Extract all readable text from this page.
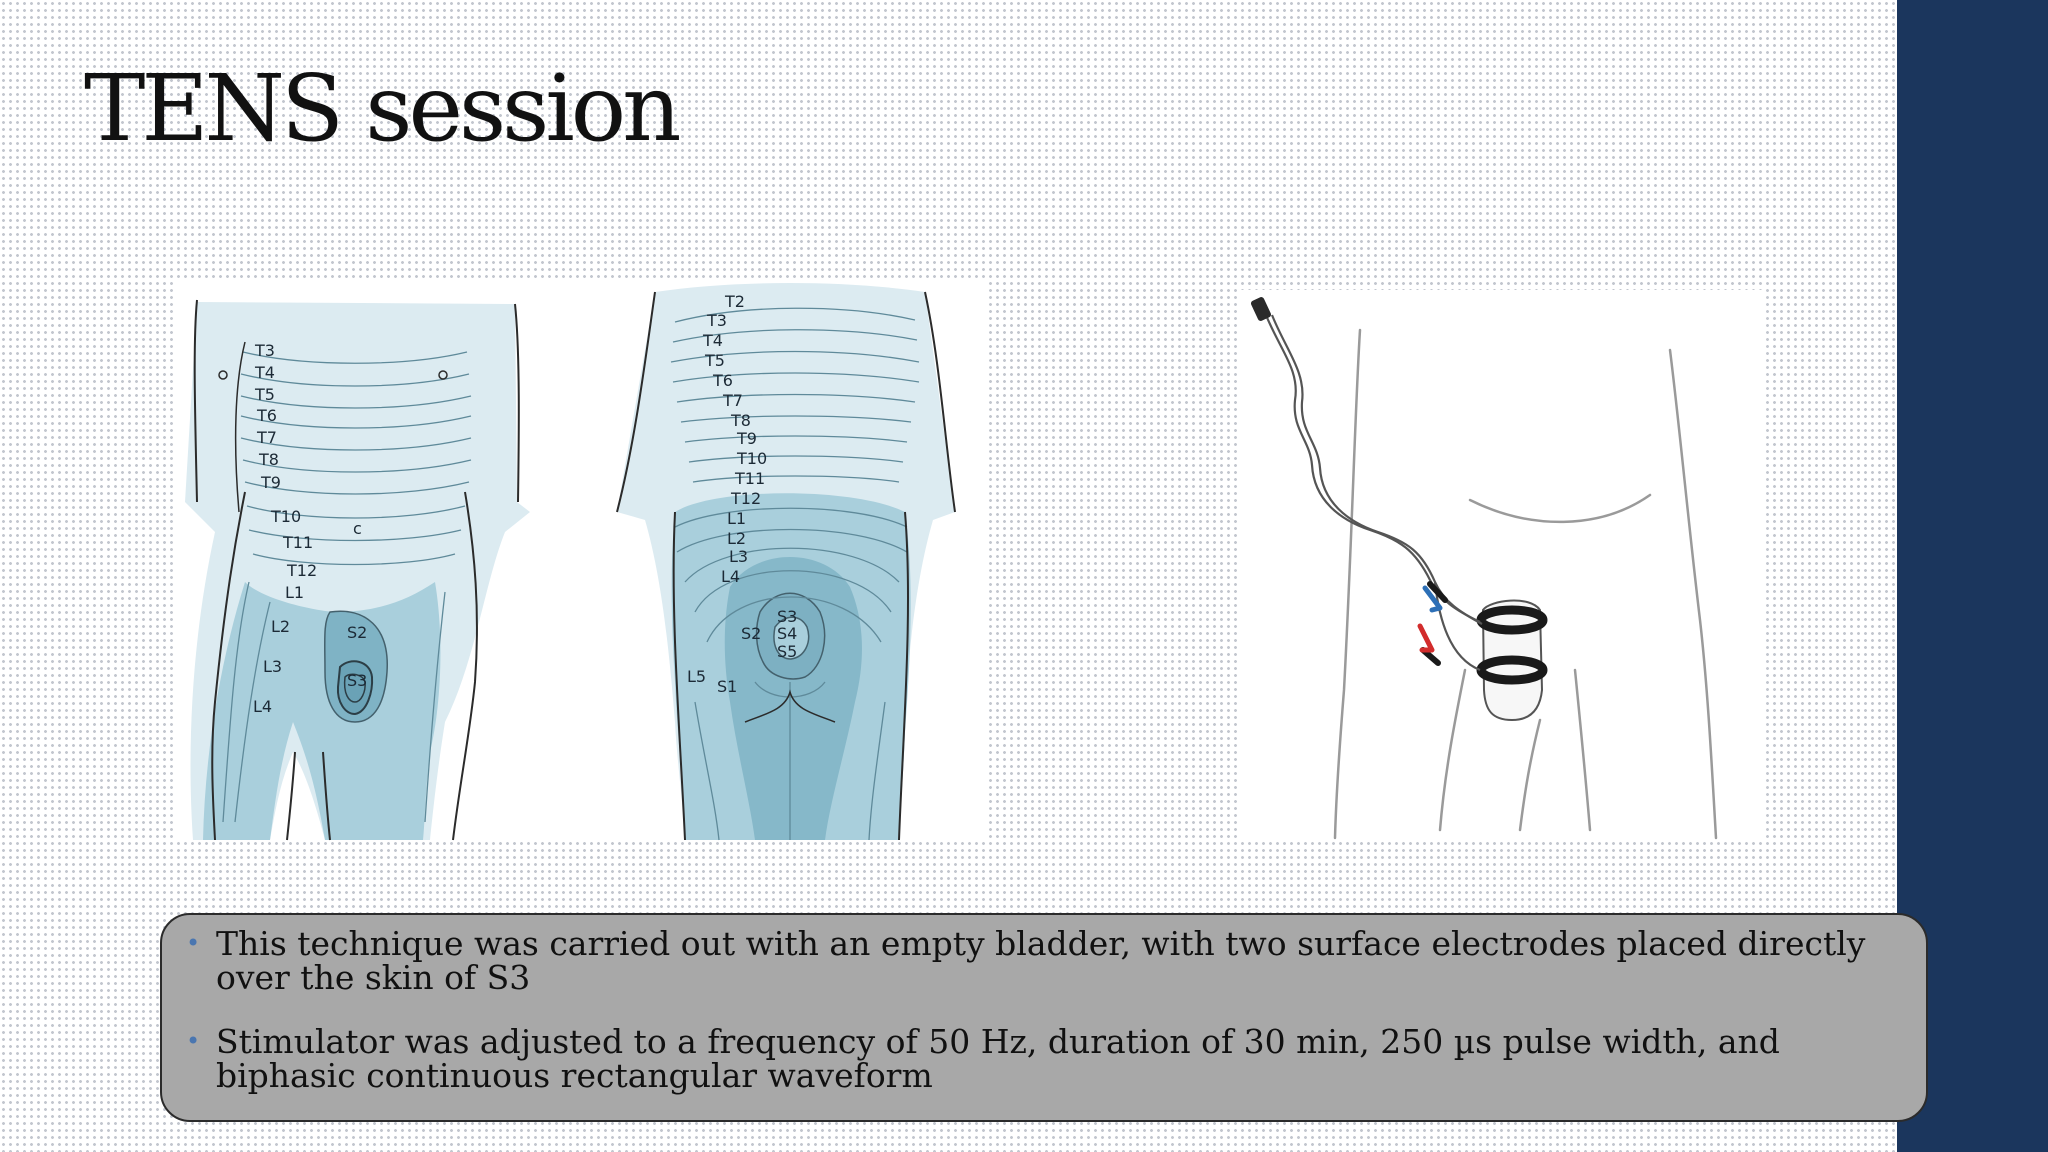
TENS session
T3
T4
T5
T6
T7
T8
T9
T10
T11
T12
L1
L2
L3
L4
S2
S3
c
T2
T3
T4
T5
T6
T7
T8
T9
T10
T11
T12
L1
L2
L3
L4
L5
S1
S2
S3
S4
S5
• This technique was carried out with an empty bladder, with two surface electrodes placed directly over the skin of S3
• Stimulator was adjusted to a frequency of 50 Hz, duration of 30 min, 250 µs pulse width, and biphasic continuous rectangular waveform
